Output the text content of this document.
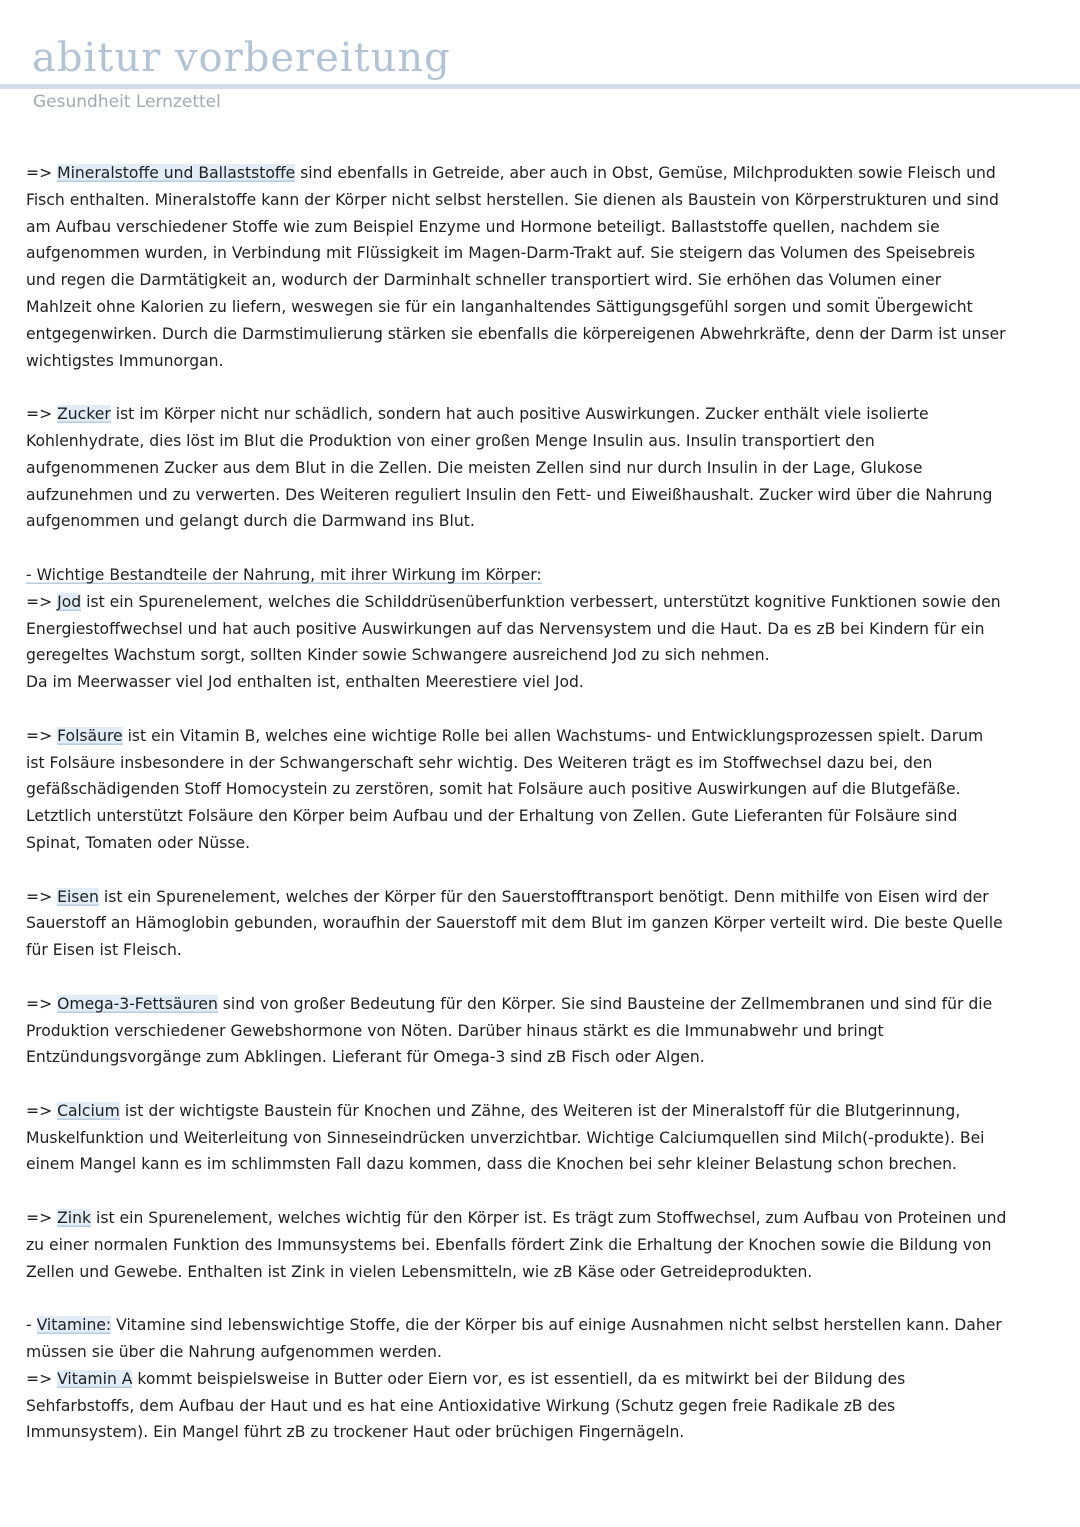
abitur vorbereitung
Gesundheit Lernzettel
=> Mineralstoffe und Ballaststoffe sind ebenfalls in Getreide, aber auch in Obst, Gemüse, Milchprodukten sowie Fleisch und
Fisch enthalten. Mineralstoffe kann der Körper nicht selbst herstellen. Sie dienen als Baustein von Körperstrukturen und sind
am Aufbau verschiedener Stoffe wie zum Beispiel Enzyme und Hormone beteiligt. Ballaststoffe quellen, nachdem sie
aufgenommen wurden, in Verbindung mit Flüssigkeit im Magen-Darm-Trakt auf. Sie steigern das Volumen des Speisebreis
und regen die Darmtätigkeit an, wodurch der Darminhalt schneller transportiert wird. Sie erhöhen das Volumen einer
Mahlzeit ohne Kalorien zu liefern, weswegen sie für ein langanhaltendes Sättigungsgefühl sorgen und somit Übergewicht
entgegenwirken. Durch die Darmstimulierung stärken sie ebenfalls die körpereigenen Abwehrkräfte, denn der Darm ist unser
wichtigstes Immunorgan.
=> Zucker ist im Körper nicht nur schädlich, sondern hat auch positive Auswirkungen. Zucker enthält viele isolierte
Kohlenhydrate, dies löst im Blut die Produktion von einer großen Menge Insulin aus. Insulin transportiert den
aufgenommenen Zucker aus dem Blut in die Zellen. Die meisten Zellen sind nur durch Insulin in der Lage, Glukose
aufzunehmen und zu verwerten. Des Weiteren reguliert Insulin den Fett- und Eiweißhaushalt. Zucker wird über die Nahrung
aufgenommen und gelangt durch die Darmwand ins Blut.
- Wichtige Bestandteile der Nahrung, mit ihrer Wirkung im Körper:
=> Jod ist ein Spurenelement, welches die Schilddrüsenüberfunktion verbessert, unterstützt kognitive Funktionen sowie den
Energiestoffwechsel und hat auch positive Auswirkungen auf das Nervensystem und die Haut. Da es zB bei Kindern für ein
geregeltes Wachstum sorgt, sollten Kinder sowie Schwangere ausreichend Jod zu sich nehmen.
Da im Meerwasser viel Jod enthalten ist, enthalten Meerestiere viel Jod.
=> Folsäure ist ein Vitamin B, welches eine wichtige Rolle bei allen Wachstums- und Entwicklungsprozessen spielt. Darum
ist Folsäure insbesondere in der Schwangerschaft sehr wichtig. Des Weiteren trägt es im Stoffwechsel dazu bei, den
gefäßschädigenden Stoff Homocystein zu zerstören, somit hat Folsäure auch positive Auswirkungen auf die Blutgefäße.
Letztlich unterstützt Folsäure den Körper beim Aufbau und der Erhaltung von Zellen. Gute Lieferanten für Folsäure sind
Spinat, Tomaten oder Nüsse.
=> Eisen ist ein Spurenelement, welches der Körper für den Sauerstofftransport benötigt. Denn mithilfe von Eisen wird der
Sauerstoff an Hämoglobin gebunden, woraufhin der Sauerstoff mit dem Blut im ganzen Körper verteilt wird. Die beste Quelle
für Eisen ist Fleisch.
=> Omega-3-Fettsäuren sind von großer Bedeutung für den Körper. Sie sind Bausteine der Zellmembranen und sind für die
Produktion verschiedener Gewebshormone von Nöten. Darüber hinaus stärkt es die Immunabwehr und bringt
Entzündungsvorgänge zum Abklingen. Lieferant für Omega-3 sind zB Fisch oder Algen.
=> Calcium ist der wichtigste Baustein für Knochen und Zähne, des Weiteren ist der Mineralstoff für die Blutgerinnung,
Muskelfunktion und Weiterleitung von Sinneseindrücken unverzichtbar. Wichtige Calciumquellen sind Milch(-produkte). Bei
einem Mangel kann es im schlimmsten Fall dazu kommen, dass die Knochen bei sehr kleiner Belastung schon brechen.
=> Zink ist ein Spurenelement, welches wichtig für den Körper ist. Es trägt zum Stoffwechsel, zum Aufbau von Proteinen und
zu einer normalen Funktion des Immunsystems bei. Ebenfalls fördert Zink die Erhaltung der Knochen sowie die Bildung von
Zellen und Gewebe. Enthalten ist Zink in vielen Lebensmitteln, wie zB Käse oder Getreideprodukten.
- Vitamine: Vitamine sind lebenswichtige Stoffe, die der Körper bis auf einige Ausnahmen nicht selbst herstellen kann. Daher
müssen sie über die Nahrung aufgenommen werden.
=> Vitamin A kommt beispielsweise in Butter oder Eiern vor, es ist essentiell, da es mitwirkt bei der Bildung des
Sehfarbstoffs, dem Aufbau der Haut und es hat eine Antioxidative Wirkung (Schutz gegen freie Radikale zB des
Immunsystem). Ein Mangel führt zB zu trockener Haut oder brüchigen Fingernägeln.
